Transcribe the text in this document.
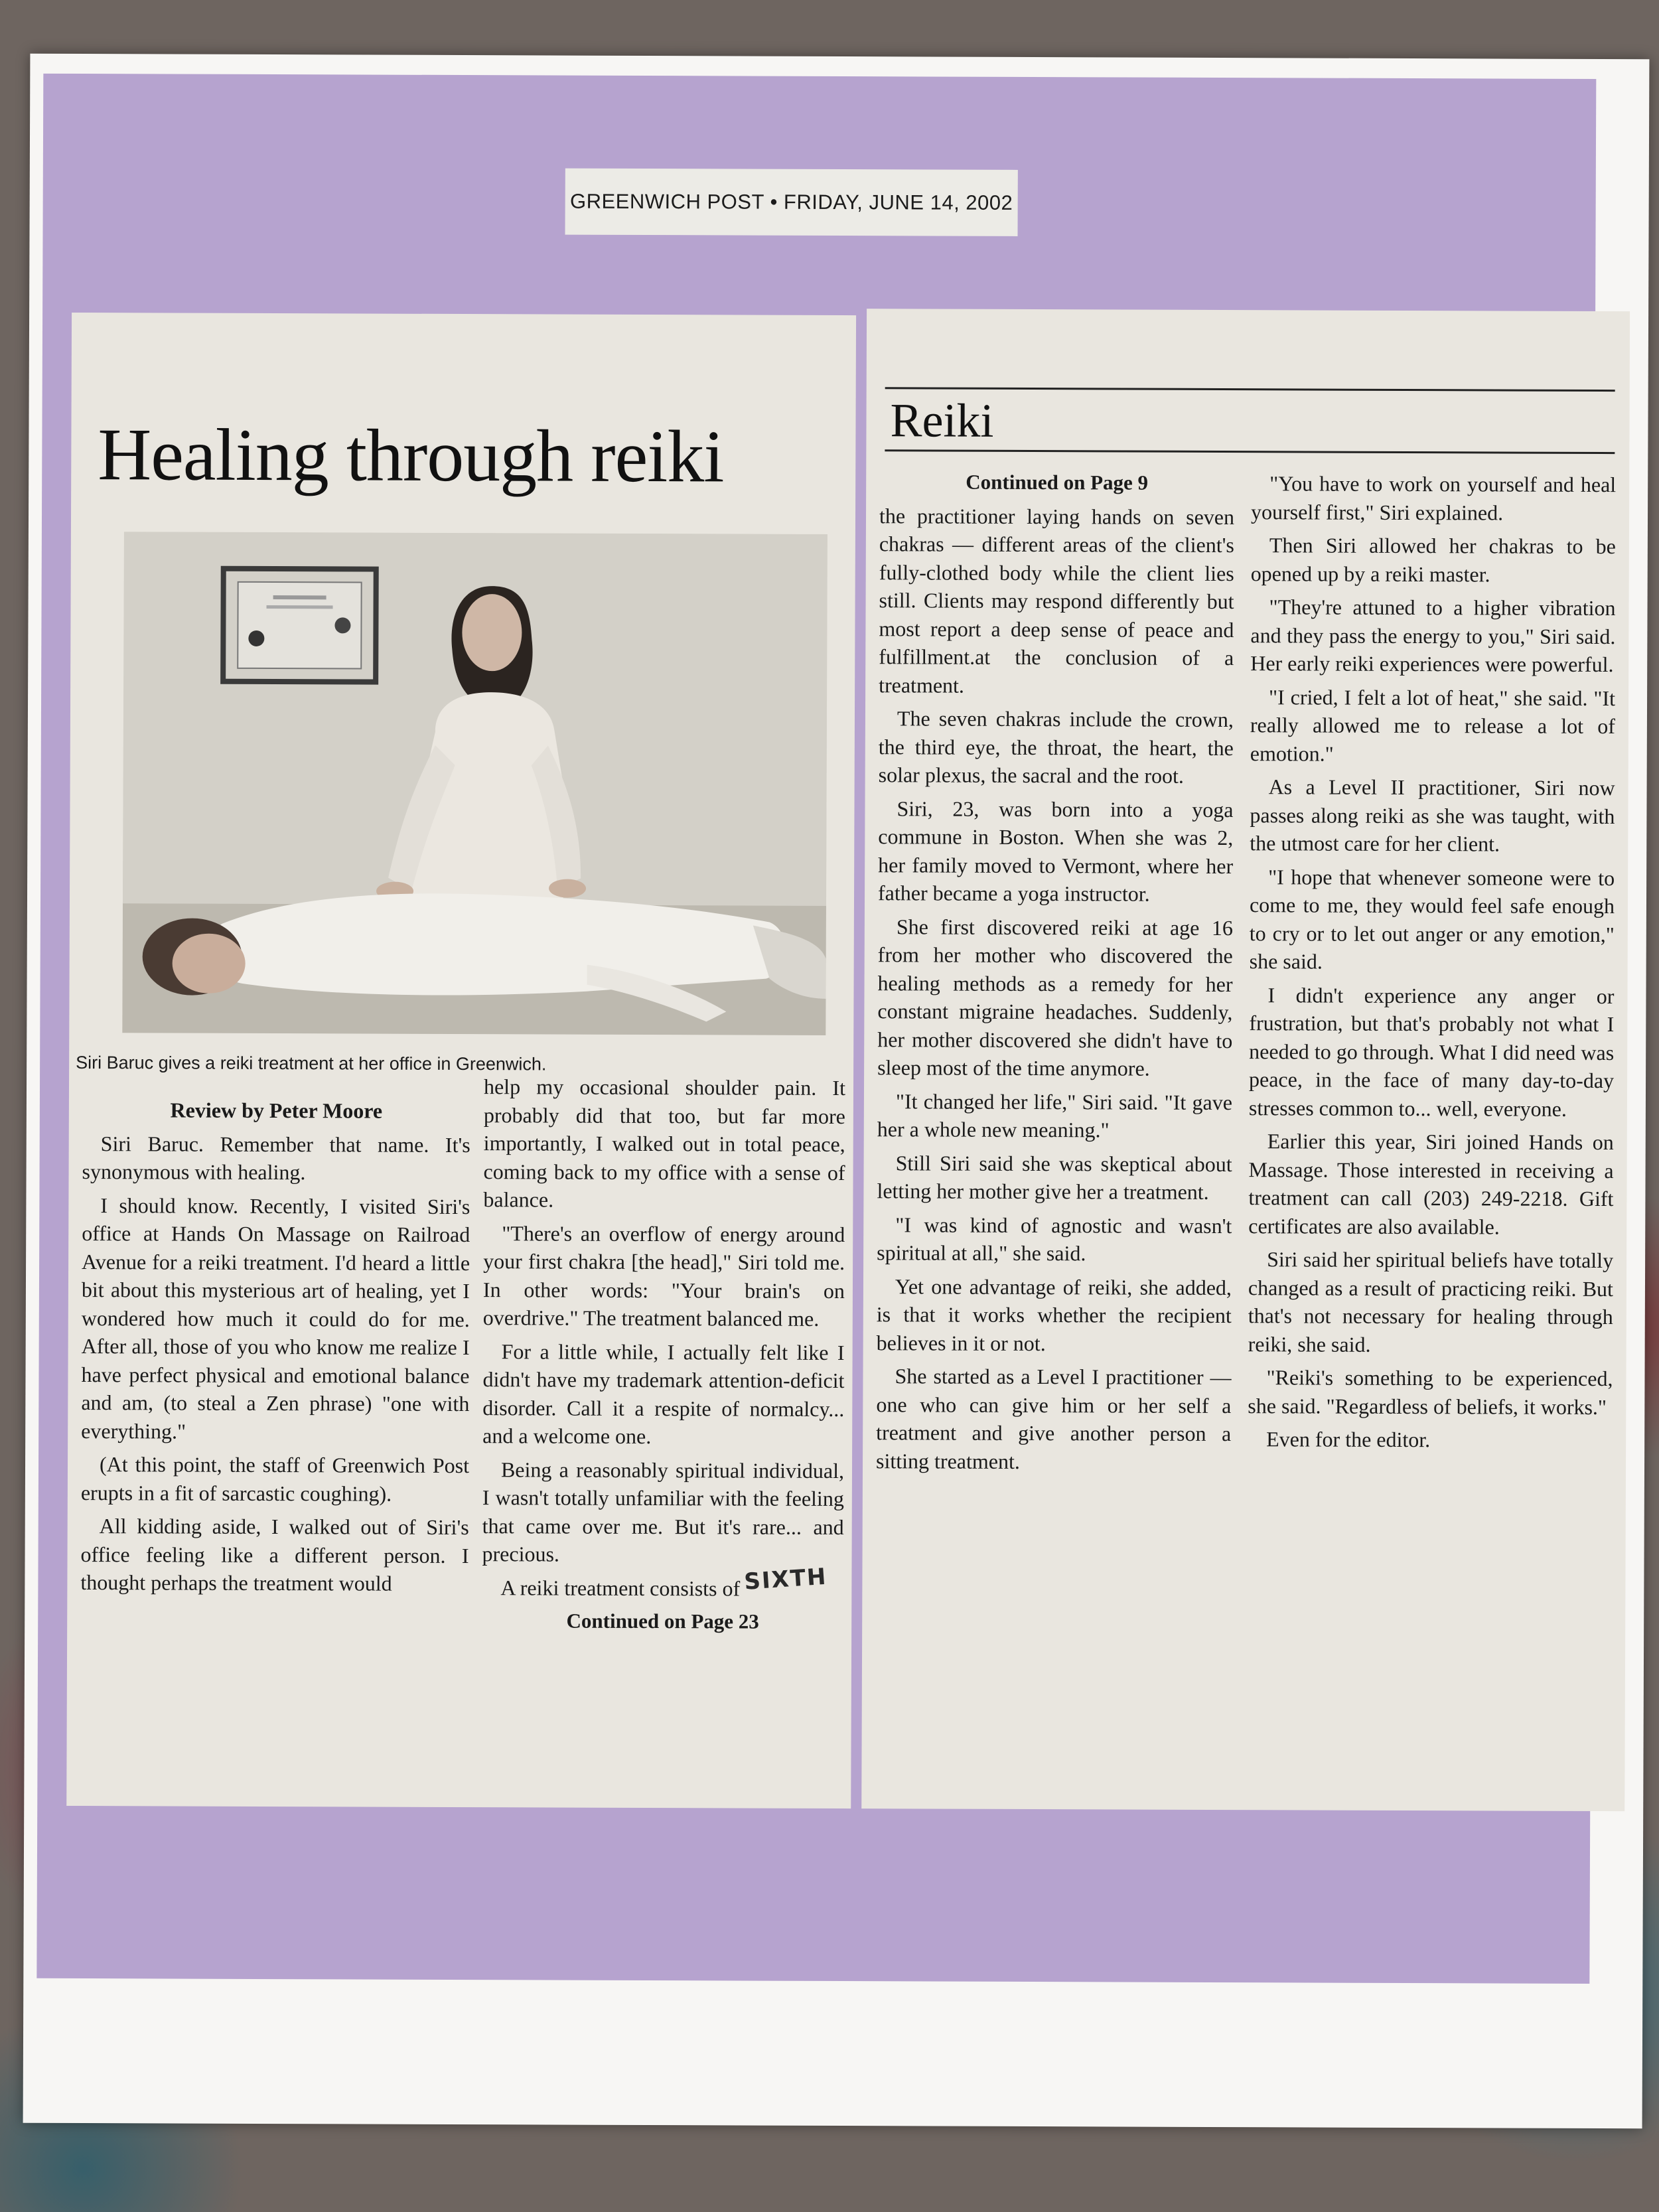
GREENWICH POST • FRIDAY, JUNE 14, 2002
Healing through reiki
Siri Baruc gives a reiki treatment at her office in Greenwich.

Review by Peter Moore

Siri Baruc. Remember that name. It's synonymous with healing.

I should know. Recently, I visited Siri's office at Hands On Massage on Railroad Avenue for a reiki treatment. I'd heard a little bit about this mysterious art of healing, yet I wondered how much it could do for me. After all, those of you who know me realize I have perfect physical and emotional balance and am, (to steal a Zen phrase) "one with everything."

(At this point, the staff of Greenwich Post erupts in a fit of sarcastic coughing).

All kidding aside, I walked out of Siri's office feeling like a different person. I thought perhaps the treatment would

help my occasional shoulder pain. It probably did that too, but far more importantly, I walked out in total peace, coming back to my office with a sense of balance.

"There's an overflow of energy around your first chakra [the head]," Siri told me. In other words: "Your brain's on overdrive." The treatment balanced me.

For a little while, I actually felt like I didn't have my trademark attention-deficit disorder. Call it a respite of normalcy... and a welcome one.

Being a reasonably spiritual individual, I wasn't totally unfamiliar with the feeling that came over me. But it's rare... and precious.

A reiki treatment consists of

Continued on Page 23

SIXTH
Reiki

Continued on Page 9

the practitioner laying hands on seven chakras — different areas of the client's fully-clothed body while the client lies still. Clients may respond differently but most report a deep sense of peace and fulfillment.at the conclusion of a treatment.

The seven chakras include the crown, the third eye, the throat, the heart, the solar plexus, the sacral and the root.

Siri, 23, was born into a yoga commune in Boston. When she was 2, her family moved to Vermont, where her father became a yoga instructor.

She first discovered reiki at age 16 from her mother who discovered the healing methods as a remedy for her constant migraine headaches. Suddenly, her mother discovered she didn't have to sleep most of the time anymore.

"It changed her life," Siri said. "It gave her a whole new meaning."

Still Siri said she was skeptical about letting her mother give her a treatment.

"I was kind of agnostic and wasn't spiritual at all," she said.

Yet one advantage of reiki, she added, is that it works whether the recipient believes in it or not.

She started as a Level I practitioner — one who can give him or her self a treatment and give another person a sitting treatment.

"You have to work on yourself and heal yourself first," Siri explained.

Then Siri allowed her chakras to be opened up by a reiki master.

"They're attuned to a higher vibration and they pass the energy to you," Siri said. Her early reiki experiences were powerful.

"I cried, I felt a lot of heat," she said. "It really allowed me to release a lot of emotion."

As a Level II practitioner, Siri now passes along reiki as she was taught, with the utmost care for her client.

"I hope that whenever someone were to come to me, they would feel safe enough to cry or to let out anger or any emotion," she said.

I didn't experience any anger or frustration, but that's probably not what I needed to go through. What I did need was peace, in the face of many day-to-day stresses common to... well, everyone.

Earlier this year, Siri joined Hands on Massage. Those interested in receiving a treatment can call (203) 249-2218. Gift certificates are also available.

Siri said her spiritual beliefs have totally changed as a result of practicing reiki. But that's not necessary for healing through reiki, she said.

"Reiki's something to be experienced, she said. "Regardless of beliefs, it works."

Even for the editor.
